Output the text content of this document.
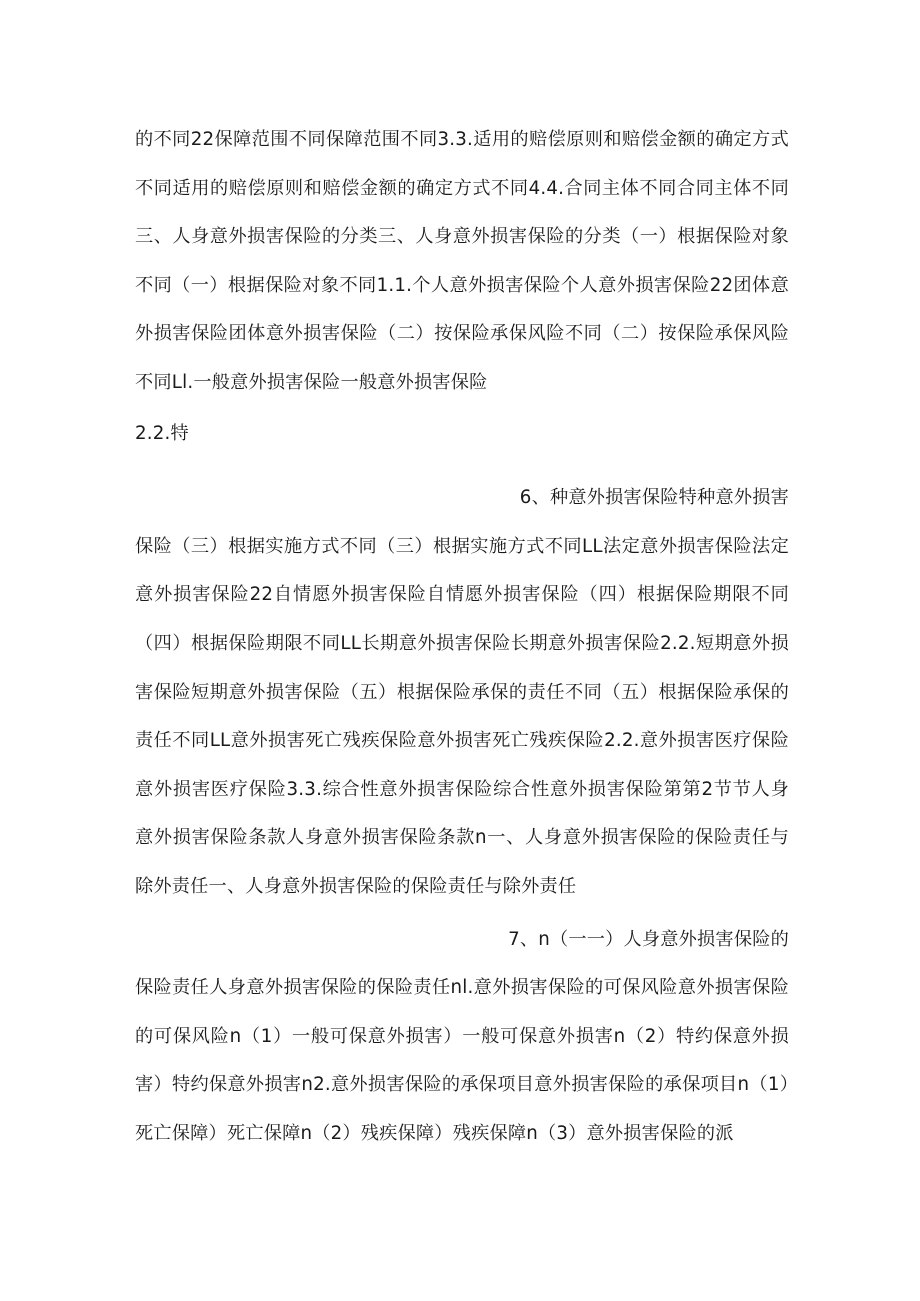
的不同22保障范围不同保障范围不同3.3.适用的赔偿原则和赔偿金额的确定方式不同适用的赔偿原则和赔偿金额的确定方式不同4.4.合同主体不同合同主体不同三、人身意外损害保险的分类三、人身意外损害保险的分类（一）根据保险对象不同（一）根据保险对象不同1.1.个人意外损害保险个人意外损害保险22团体意外损害保险团体意外损害保险（二）按保险承保风险不同（二）按保险承保风险不同Ll.一般意外损害保险一般意外损害保险

2.2.特

6、种意外损害保险特种意外损害

保险（三）根据实施方式不同（三）根据实施方式不同LL法定意外损害保险法定意外损害保险22自情愿外损害保险自情愿外损害保险（四）根据保险期限不同（四）根据保险期限不同LL长期意外损害保险长期意外损害保险2.2.短期意外损害保险短期意外损害保险（五）根据保险承保的责任不同（五）根据保险承保的责任不同LL意外损害死亡残疾保险意外损害死亡残疾保险2.2.意外损害医疗保险意外损害医疗保险3.3.综合性意外损害保险综合性意外损害保险第第2节节人身意外损害保险条款人身意外损害保险条款n一、人身意外损害保险的保险责任与除外责任一、人身意外损害保险的保险责任与除外责任

7、n（一一）人身意外损害保险的

保险责任人身意外损害保险的保险责任nl.意外损害保险的可保风险意外损害保险的可保风险n（1）一般可保意外损害）一般可保意外损害n（2）特约保意外损害）特约保意外损害n2.意外损害保险的承保项目意外损害保险的承保项目n（1）死亡保障）死亡保障n（2）残疾保障）残疾保障n（3）意外损害保险的派
